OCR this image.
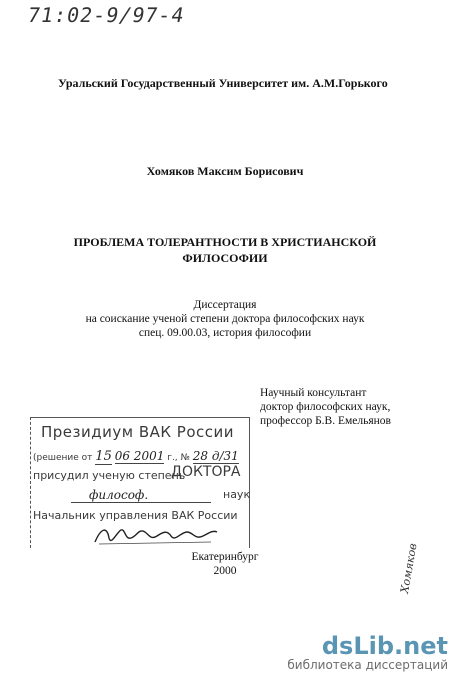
71:02-9/97-4
Уральский Государственный Университет им. А.М.Горького
Хомяков Максим Борисович
ПРОБЛЕМА ТОЛЕРАНТНОСТИ В ХРИСТИАНСКОЙ
ФИЛОСОФИИ
Диссертация
на соискание ученой степени доктора философских наук
спец. 09.00.03, история философии
Научный консультант
доктор философских наук,
профессор Б.В. Емельянов
Президиум ВАК России
(решение от 15 06 2001 г., № 28 д/31
присудил ученую степень
ДОКТОРА
философ.	наук
Начальник управления ВАК России
Екатеринбург
2000	Хомяков
dsLib.net
библиотека диссертаций
